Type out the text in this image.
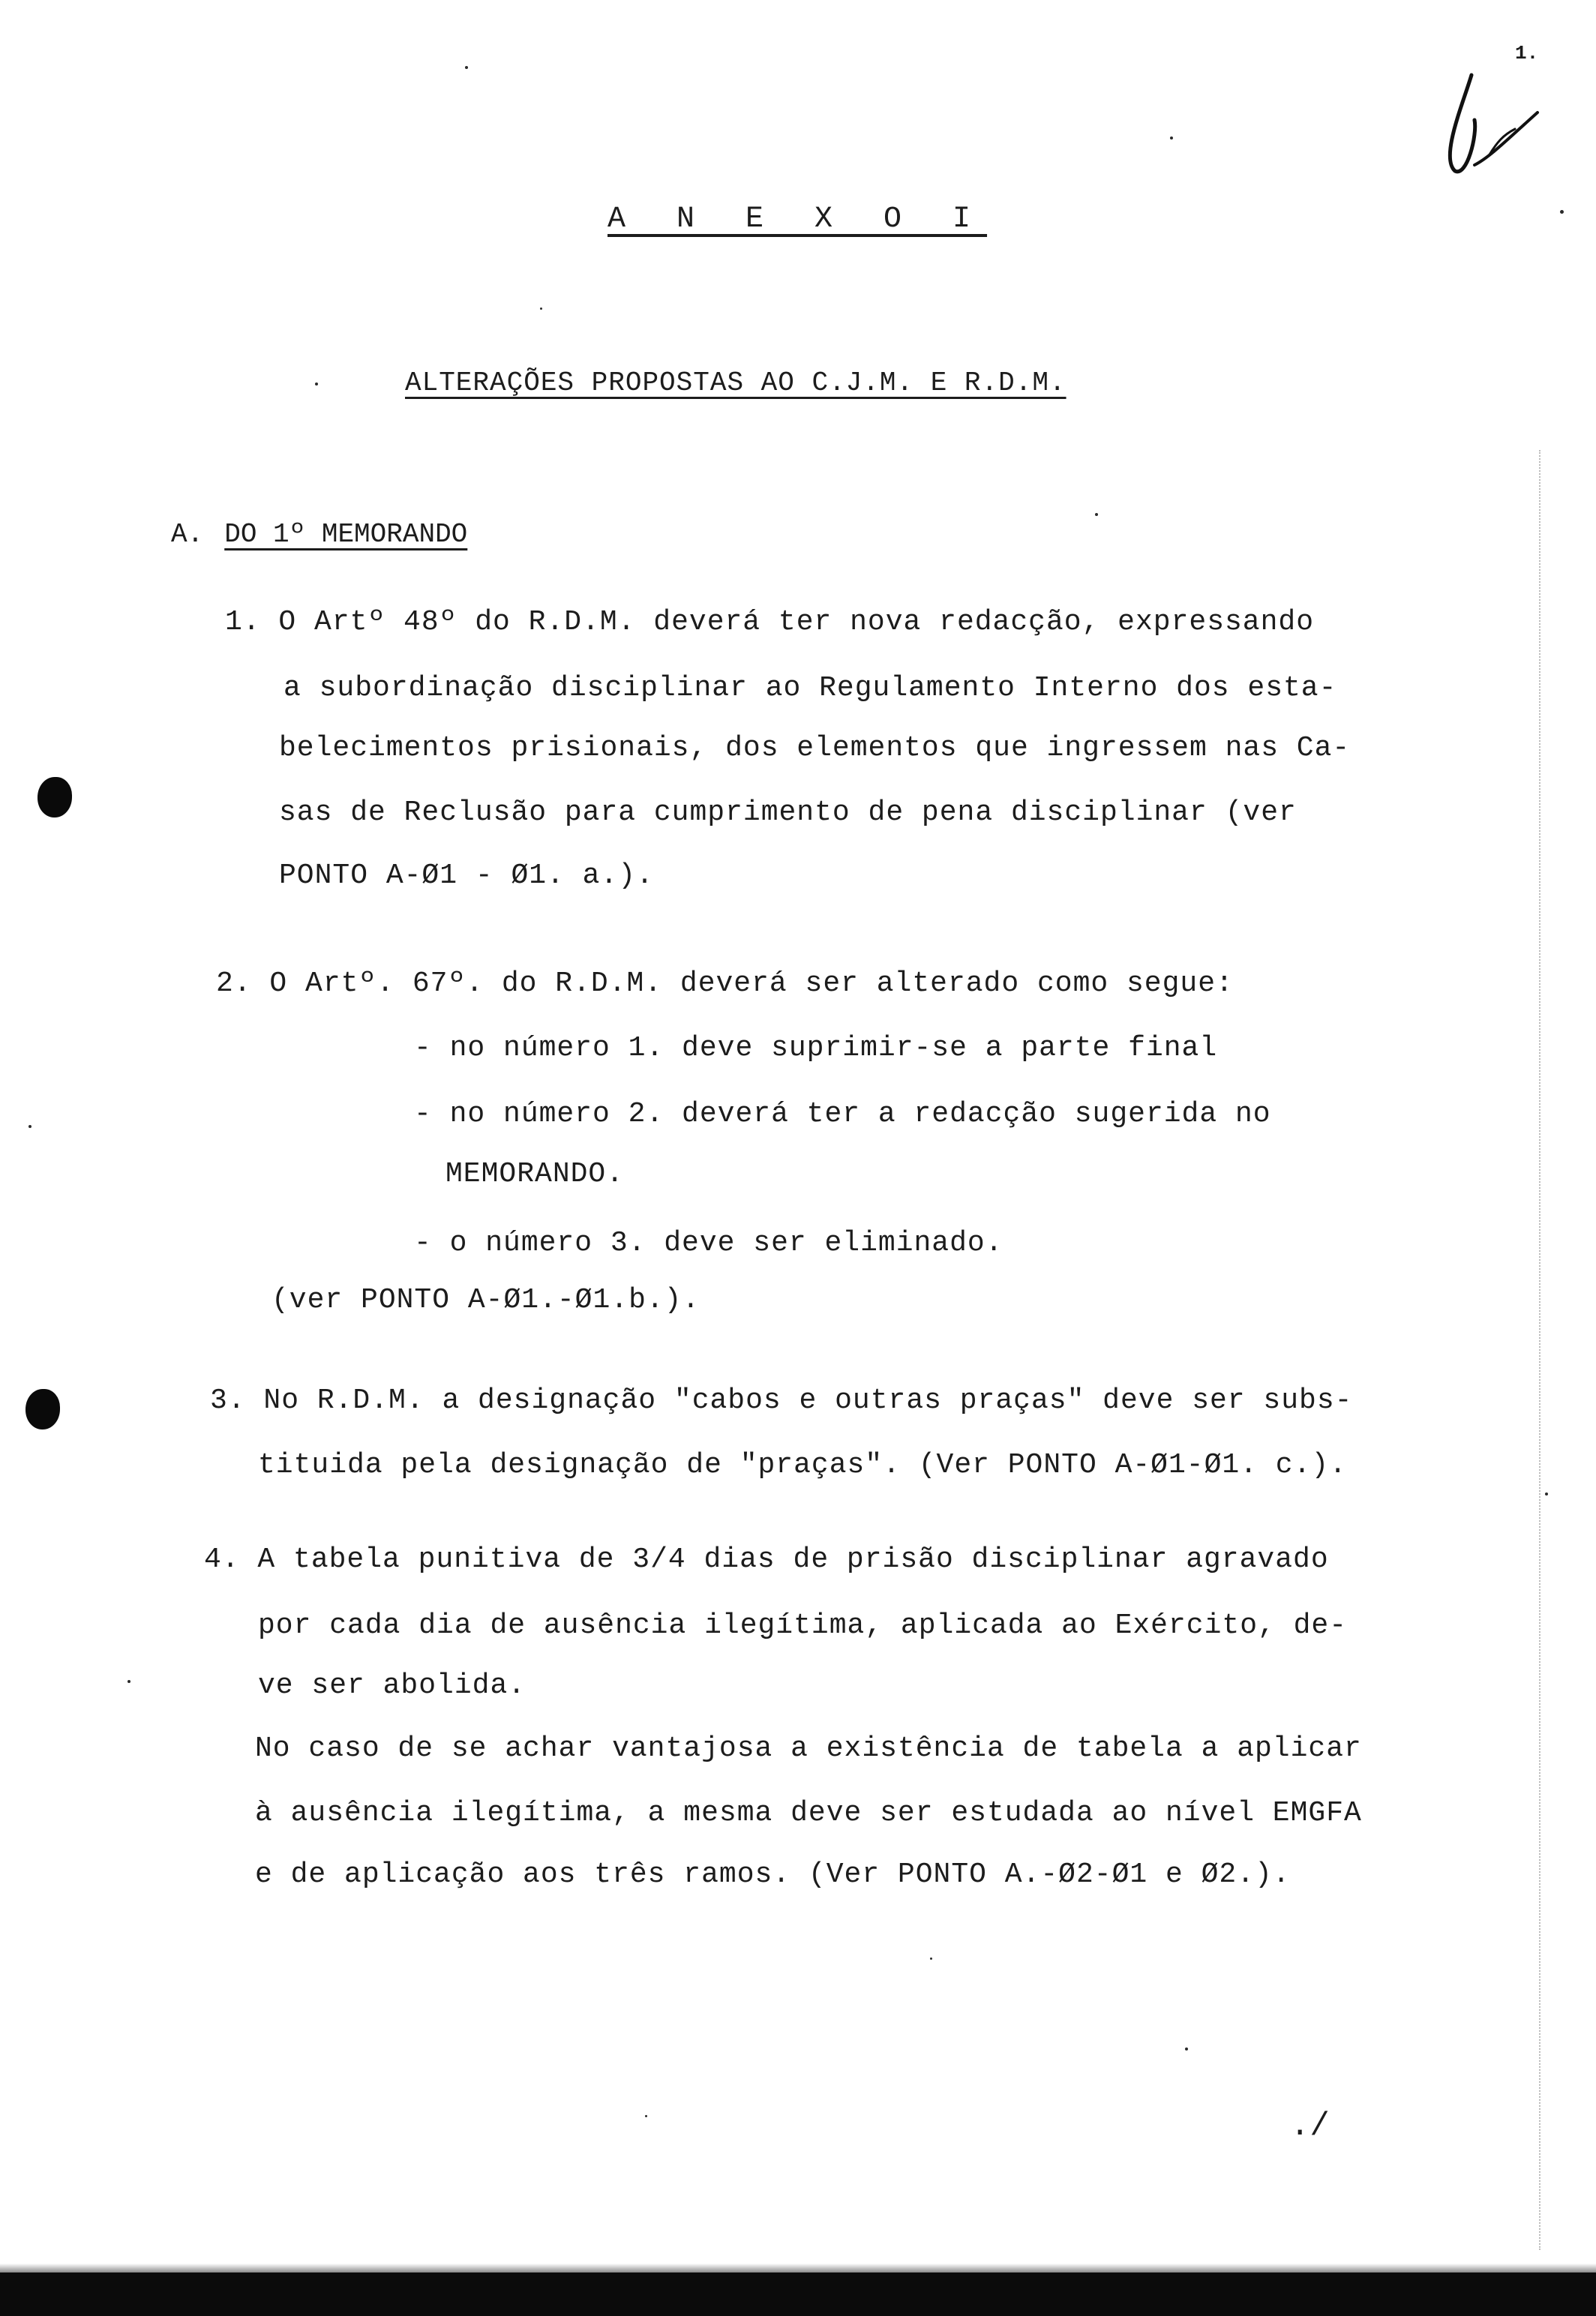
1.
A N E X O I
ALTERAÇÕES PROPOSTAS AO C.J.M. E R.D.M.
A. DO 1º MEMORANDO
1. O Artº 48º do R.D.M. deverá ter nova redacção, expressando
a subordinação disciplinar ao Regulamento Interno dos esta-
belecimentos prisionais, dos elementos que ingressem nas Ca-
sas de Reclusão para cumprimento de pena disciplinar (ver
PONTO A-Ø1 - Ø1. a.).
2. O Artº. 67º. do R.D.M. deverá ser alterado como segue:
- no número 1. deve suprimir-se a parte final
- no número 2. deverá ter a redacção sugerida no
MEMORANDO.
- o número 3. deve ser eliminado.
(ver PONTO A-Ø1.-Ø1.b.).
3. No R.D.M. a designação "cabos e outras praças" deve ser subs-
tituida pela designação de "praças". (Ver PONTO A-Ø1-Ø1. c.).
4. A tabela punitiva de 3/4 dias de prisão disciplinar agravado
por cada dia de ausência ilegítima, aplicada ao Exército, de-
ve ser abolida.
No caso de se achar vantajosa a existência de tabela a aplicar
à ausência ilegítima, a mesma deve ser estudada ao nível EMGFA
e de aplicação aos três ramos. (Ver PONTO A.-Ø2-Ø1 e Ø2.).
./
